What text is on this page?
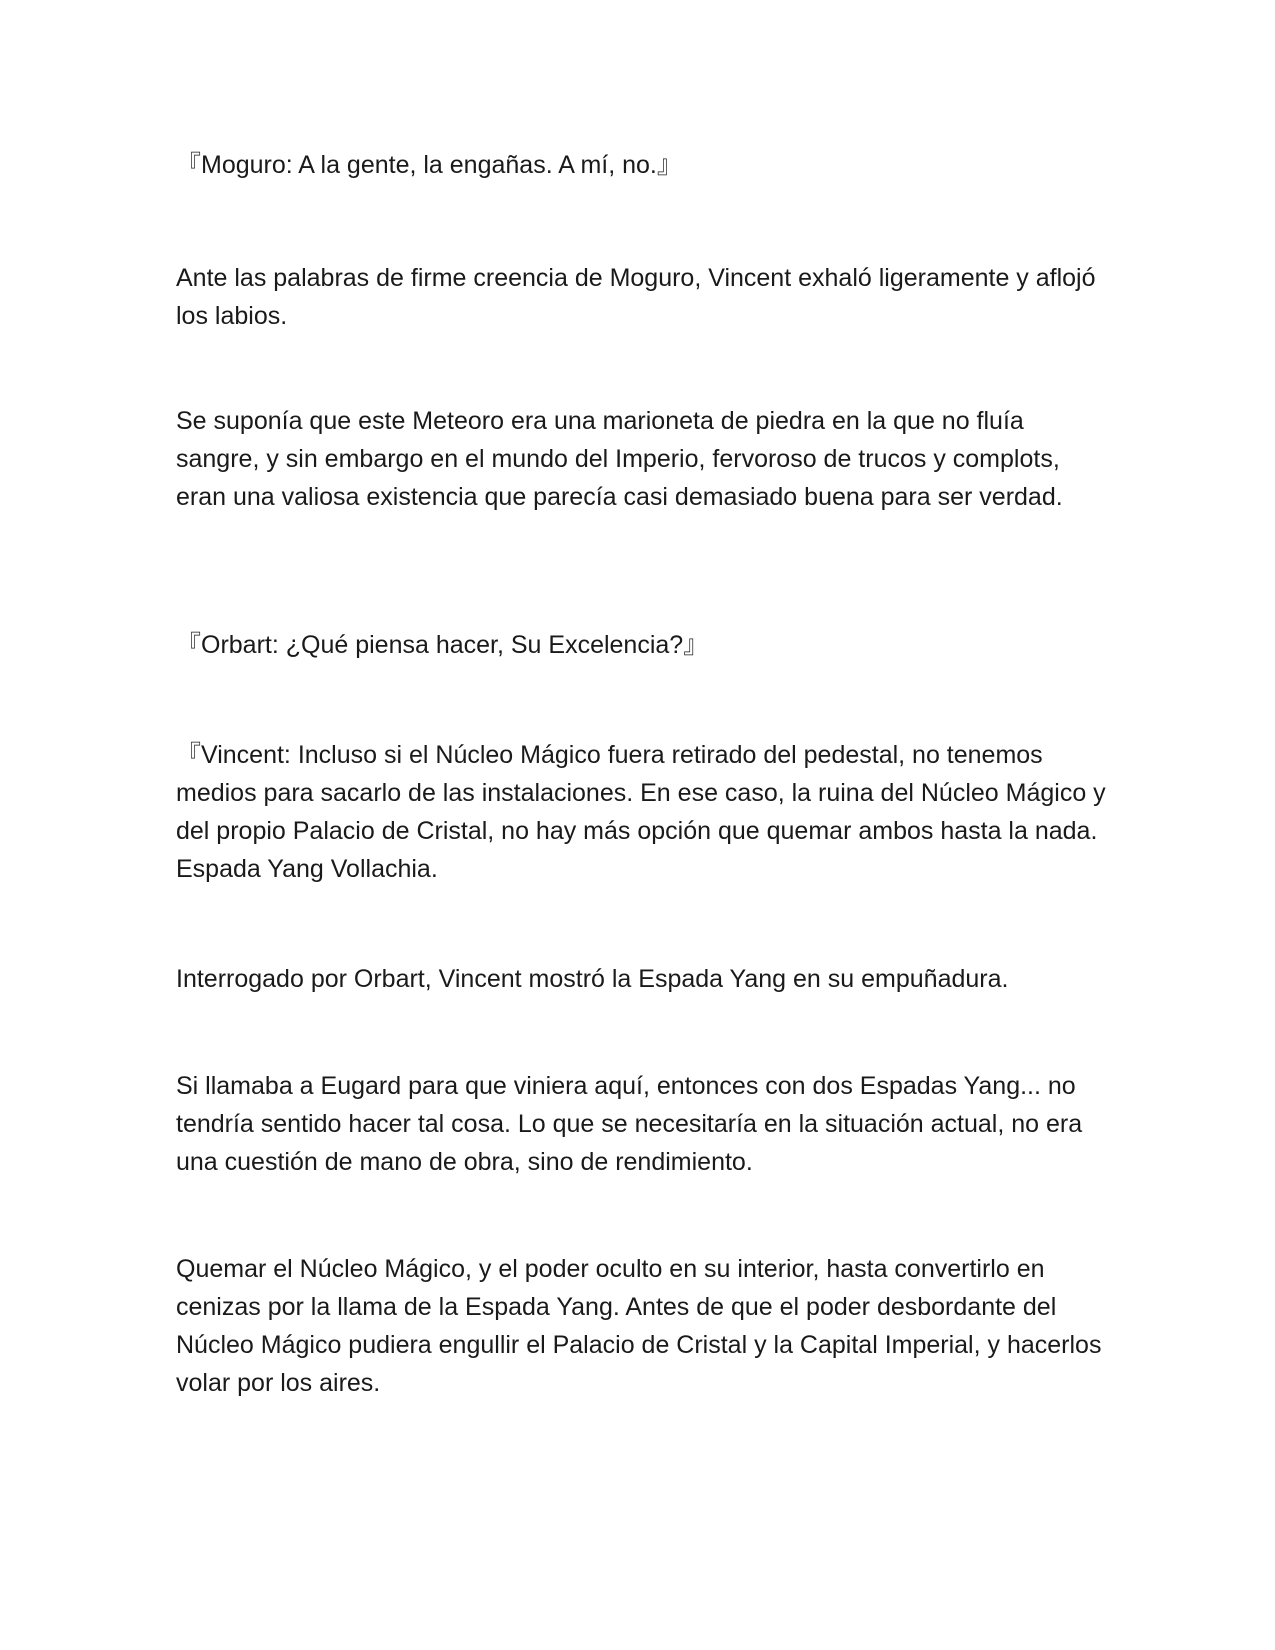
『Moguro: A la gente, la engañas. A mí, no.』

Ante las palabras de firme creencia de Moguro, Vincent exhaló ligeramente y aflojó los labios.

Se suponía que este Meteoro era una marioneta de piedra en la que no fluía sangre, y sin embargo en el mundo del Imperio, fervoroso de trucos y complots, eran una valiosa existencia que parecía casi demasiado buena para ser verdad.

『Orbart: ¿Qué piensa hacer, Su Excelencia?』

『Vincent: Incluso si el Núcleo Mágico fuera retirado del pedestal, no tenemos medios para sacarlo de las instalaciones. En ese caso, la ruina del Núcleo Mágico y del propio Palacio de Cristal, no hay más opción que quemar ambos hasta la nada. Espada Yang Vollachia.

Interrogado por Orbart, Vincent mostró la Espada Yang en su empuñadura.

Si llamaba a Eugard para que viniera aquí, entonces con dos Espadas Yang... no tendría sentido hacer tal cosa. Lo que se necesitaría en la situación actual, no era una cuestión de mano de obra, sino de rendimiento.

Quemar el Núcleo Mágico, y el poder oculto en su interior, hasta convertirlo en cenizas por la llama de la Espada Yang. Antes de que el poder desbordante del Núcleo Mágico pudiera engullir el Palacio de Cristal y la Capital Imperial, y hacerlos volar por los aires.
